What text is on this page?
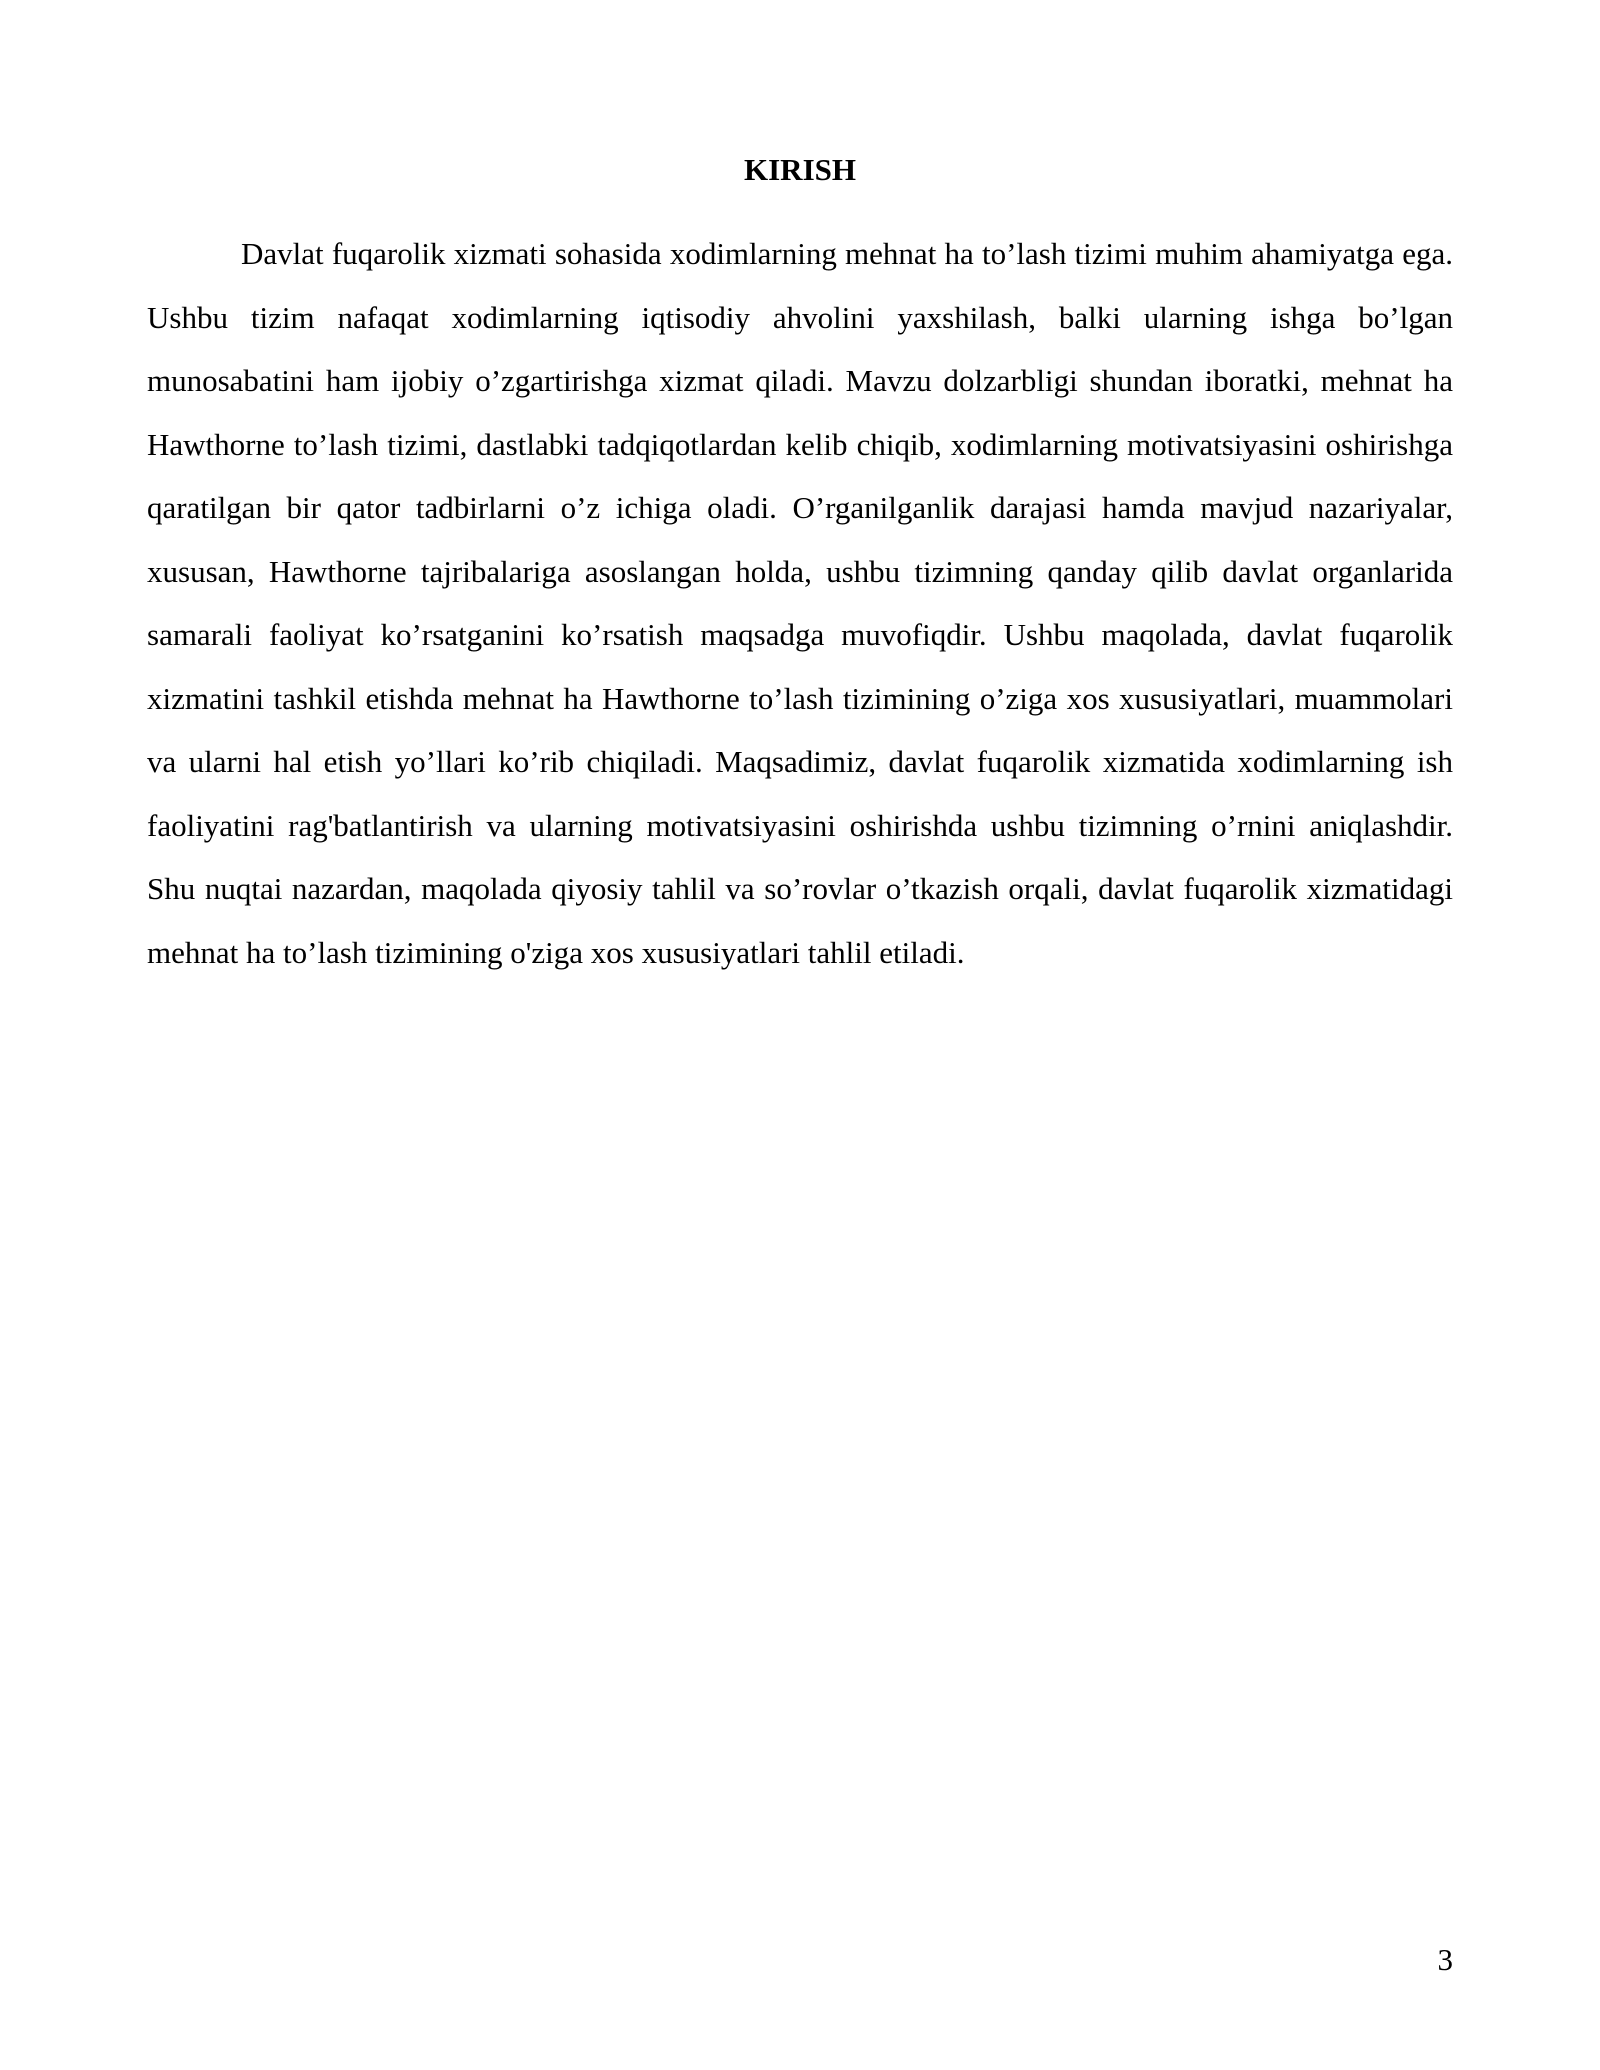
KIRISH

Davlat fuqarolik xizmati sohasida xodimlarning mehnat ha to’lash tizimi muhim ahamiyatga ega. Ushbu tizim nafaqat xodimlarning iqtisodiy ahvolini yaxshilash, balki ularning ishga bo’lgan munosabatini ham ijobiy o’zgartirishga xizmat qiladi. Mavzu dolzarbligi shundan iboratki, mehnat ha Hawthorne to’lash tizimi, dastlabki tadqiqotlardan kelib chiqib, xodimlarning motivatsiyasini oshirishga qaratilgan bir qator tadbirlarni o’z ichiga oladi. O’rganilganlik darajasi hamda mavjud nazariyalar, xususan, Hawthorne tajribalariga asoslangan holda, ushbu tizimning qanday qilib davlat organlarida samarali faoliyat ko’rsatganini ko’rsatish maqsadga muvofiqdir. Ushbu maqolada, davlat fuqarolik xizmatini tashkil etishda mehnat ha Hawthorne to’lash tizimining o’ziga xos xususiyatlari, muammolari va ularni hal etish yo’llari ko’rib chiqiladi. Maqsadimiz, davlat fuqarolik xizmatida xodimlarning ish faoliyatini rag'batlantirish va ularning motivatsiyasini oshirishda ushbu tizimning o’rnini aniqlashdir. Shu nuqtai nazardan, maqolada qiyosiy tahlil va so’rovlar o’tkazish orqali, davlat fuqarolik xizmatidagi mehnat ha to’lash tizimining o'ziga xos xususiyatlari tahlil etiladi.

3
